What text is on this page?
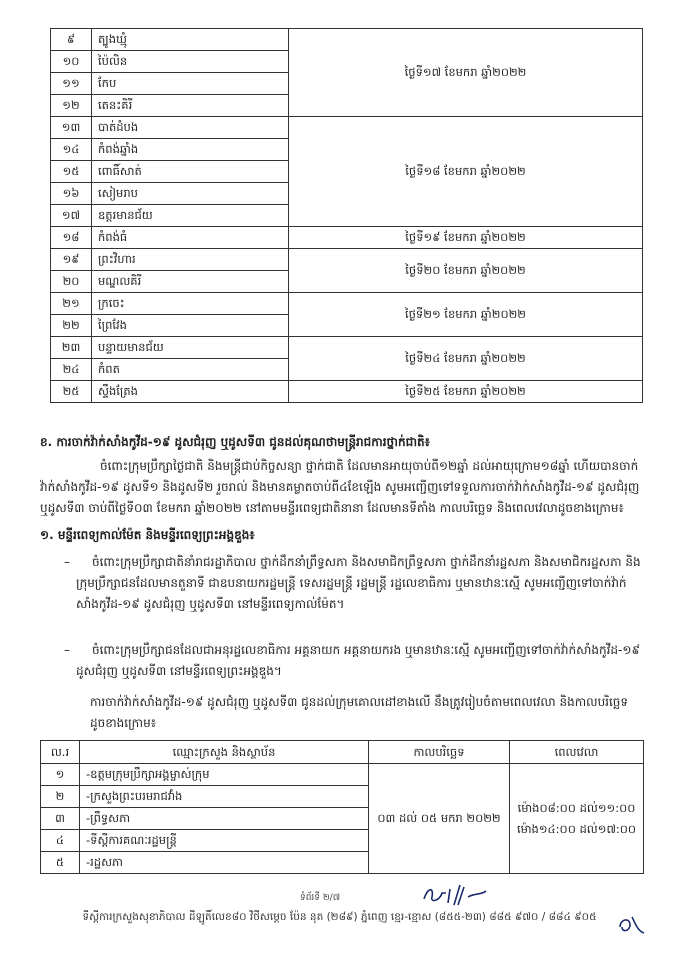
៩	ត្បូងឃ្មុំ	ថ្ងៃទី១៧ ខែមករា ឆ្នាំ២០២២
១០	ប៉ៃលិន	
១១	កែប	
១២	តេនះគិរី	
១៣	បាត់ដំបង	ថ្ងៃទី១៨ ខែមករា ឆ្នាំ២០២២
១៤	កំពង់ឆ្នាំង	
១៥	ពោធិ៍សាត់	
១៦	សៀមរាប	
១៧	ឧត្តរមានជ័យ	
១៨	កំពង់ធំ	ថ្ងៃទី១៩ ខែមករា ឆ្នាំ២០២២
១៩	ព្រះវិហារ	ថ្ងៃទី២០ ខែមករា ឆ្នាំ២០២២
២០	មណ្ឌលគិរី	
២១	ក្រចេះ	ថ្ងៃទី២១ ខែមករា ឆ្នាំ២០២២
២២	ព្រៃវែង	
២៣	បន្ទាយមានជ័យ	ថ្ងៃទី២៤ ខែមករា ឆ្នាំ២០២២
២៤	កំពត	
២៥	ស្ទឹងត្រែង	ថ្ងៃទី២៥ ខែមករា ឆ្នាំ២០២២
ខ. ការចាក់វ៉ាក់សាំងកូវីដ-១៩ ដូសជំរុញ ឬដូសទី៣ ជូនដល់គុណថាមន្ត្រីរាជការថ្នាក់ជាតិ៖
ចំពោះក្រុមប្រឹក្សាថ្ងៃជាតិ និងមន្ត្រីជាប់កិច្ចសន្យា ថ្នាក់ជាតិ ដែលមានអាយុចាប់ពី១២ឆ្នាំ ដល់អាយុក្រោម១៨ឆ្នាំ ហើយបានចាក់វ៉ាក់សាំងកូវីដ-១៩ ដូសទី១ និងដូសទី២ រួចរាល់ និងមានគម្លាតចាប់ពី៤ខែឡើង សូមអញ្ជើញទៅទទួលការចាក់វ៉ាក់សាំងកូវីដ-១៩ ដូសជំរុញ ឬដូសទី៣ ចាប់ពីថ្ងៃទី០៣ ខែមករា ឆ្នាំ២០២២ នៅតាមមន្ទីរពេទ្យជាតិនានា ដែលមានទីតាំង កាលបរិច្ឆេទ និងពេលវេលាដូចខាងក្រោម៖
១. មន្ទីរពេទ្យកាល់ម៉ែត និងមន្ទីរពេទ្យព្រះអង្គឌួង៖
–	ចំពោះក្រុមប្រឹក្សាជាតិនាំរាជរដ្ឋាភិបាល ថ្នាក់ដឹកនាំព្រឹទ្ធសភា និងសមាជិកព្រឹទ្ធសភា ថ្នាក់ដឹកនាំរដ្ឋសភា និងសមាជិករដ្ឋសភា និងក្រុមប្រឹក្សាជនដែលមានតួនាទី ជាឧបនាយករដ្ឋមន្ត្រី ទេសរដ្ឋមន្ត្រី រដ្ឋមន្ត្រី រដ្ឋលេខាធិការ ឬមានឋានៈស្មើ សូមអញ្ជើញទៅចាក់វ៉ាក់សាំងកូវីដ-១៩ ដូសជំរុញ ឬដូសទី៣ នៅមន្ទីរពេទ្យកាល់ម៉ែត។
–	ចំពោះក្រុមប្រឹក្សាជនដែលជាអនុរដ្ឋលេខាធិការ អគ្គនាយក អគ្គនាយករង ឬមានឋានៈស្មើ សូមអញ្ជើញទៅចាក់វ៉ាក់សាំងកូវីដ-១៩ ដូសជំរុញ ឬដូសទី៣ នៅមន្ទីរពេទ្យព្រះអង្គឌួង។
ការចាក់វ៉ាក់សាំងកូវីដ-១៩ ដូសជំរុញ ឬដូសទី៣ ជូនដល់ក្រុមគោលដៅខាងលើ នឹងត្រូវរៀបចំតាមពេលវេលា និងកាលបរិច្ឆេទ ដូចខាងក្រោម៖
ល.រ	ឈ្មោះក្រសួង និងស្ថាប័ន	កាលបរិច្ឆេទ	ពេលវេលា
១	-ឧត្តមក្រុមប្រឹក្សាអង្គម្ចាស់ក្រុម	០៣ ដល់ ០៥ មករា ២០២២	ម៉ោង០៨:០០ ដល់១១:០០
ម៉ោង១៤:០០ ដល់១៧:០០

២	-ក្រសួងព្រះបរមរាជវាំង		
៣	-ព្រឹទ្ធសភា		
៤	-ទីស្តីការគណៈរដ្ឋមន្ត្រី		
៥	-រដ្ឋសភា		
ទំព័រទី ២/៧
ទីស្តីការក្រសួងសុខាភិបាល ដីឡូតិ៍លេខ៨០ វិថីសម្តេច ប៉ែន នុត (២៨៩) ភ្នំពេញ ខ្មេរ-ខ្មោស (៨៥៥-២៣) ៨៨៥ ៩៧០ / ៨៨៤ ៩០៥
